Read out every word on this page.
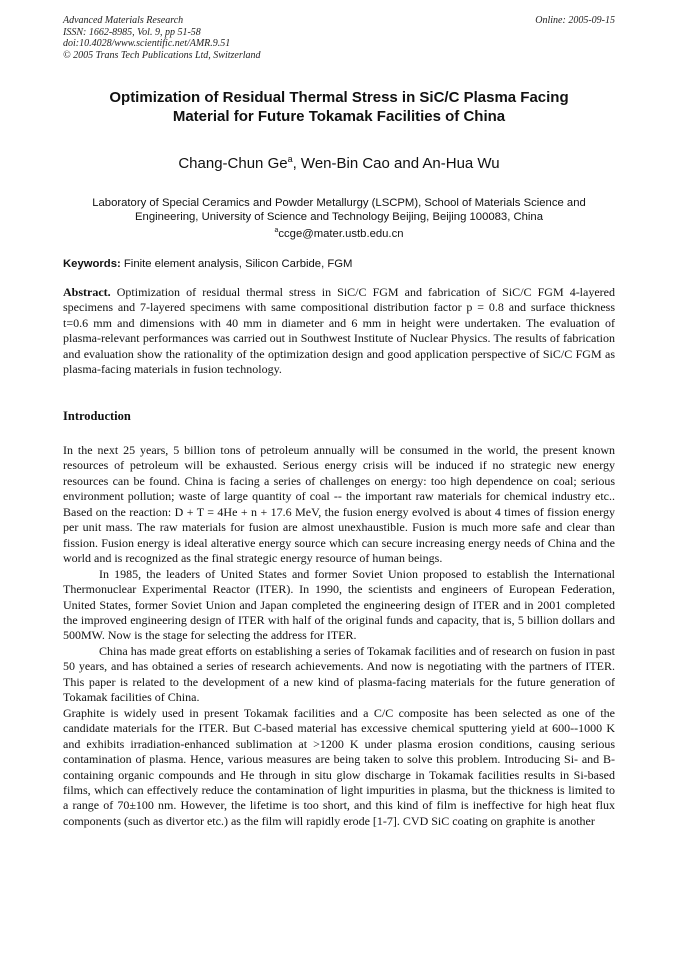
Advanced Materials Research
ISSN: 1662-8985, Vol. 9, pp 51-58
doi:10.4028/www.scientific.net/AMR.9.51
© 2005 Trans Tech Publications Ltd, Switzerland
Online: 2005-09-15
Optimization of Residual Thermal Stress in SiC/C Plasma Facing
Material for Future Tokamak Facilities of China
Chang-Chun Ge$^a$, Wen-Bin Cao and An-Hua Wu
Laboratory of Special Ceramics and Powder Metallurgy (LSCPM), School of Materials Science and
Engineering, University of Science and Technology Beijing, Beijing 100083, China
$^a$ccge@mater.ustb.edu.cn
Keywords: Finite element analysis, Silicon Carbide, FGM
Abstract. Optimization of residual thermal stress in SiC/C FGM and fabrication of SiC/C FGM 4-layered specimens and 7-layered specimens with same compositional distribution factor p = 0.8 and surface thickness t=0.6 mm and dimensions with 40 mm in diameter and 6 mm in height were undertaken. The evaluation of plasma-relevant performances was carried out in Southwest Institute of Nuclear Physics. The results of fabrication and evaluation show the rationality of the optimization design and good application perspective of SiC/C FGM as plasma-facing materials in fusion technology.
Introduction

In the next 25 years, 5 billion tons of petroleum annually will be consumed in the world, the present known resources of petroleum will be exhausted. Serious energy crisis will be induced if no strategic new energy resources can be found. China is facing a series of challenges on energy: too high dependence on coal; serious environment pollution; waste of large quantity of coal -- the important raw materials for chemical industry etc.. Based on the reaction: D + T = 4He + n + 17.6 MeV, the fusion energy evolved is about 4 times of fission energy per unit mass. The raw materials for fusion are almost unexhaustible. Fusion is much more safe and clear than fission. Fusion energy is ideal alterative energy source which can secure increasing energy needs of China and the world and is recognized as the final strategic energy resource of human beings.

In 1985, the leaders of United States and former Soviet Union proposed to establish the International Thermonuclear Experimental Reactor (ITER). In 1990, the scientists and engineers of European Federation, United States, former Soviet Union and Japan completed the engineering design of ITER and in 2001 completed the improved engineering design of ITER with half of the original funds and capacity, that is, 5 billion dollars and 500MW. Now is the stage for selecting the address for ITER.

China has made great efforts on establishing a series of Tokamak facilities and of research on fusion in past 50 years, and has obtained a series of research achievements. And now is negotiating with the partners of ITER. This paper is related to the development of a new kind of plasma-facing materials for the future generation of Tokamak facilities of China.

Graphite is widely used in present Tokamak facilities and a C/C composite has been selected as one of the candidate materials for the ITER. But C-based material has excessive chemical sputtering yield at 600--1000 K and exhibits irradiation-enhanced sublimation at >1200 K under plasma erosion conditions, causing serious contamination of plasma. Hence, various measures are being taken to solve this problem. Introducing Si- and B-containing organic compounds and He through in situ glow discharge in Tokamak facilities results in Si-based films, which can effectively reduce the contamination of light impurities in plasma, but the thickness is limited to a range of 70±100 nm. However, the lifetime is too short, and this kind of film is ineffective for high heat flux components (such as divertor etc.) as the film will rapidly erode [1-7]. CVD SiC coating on graphite is another
